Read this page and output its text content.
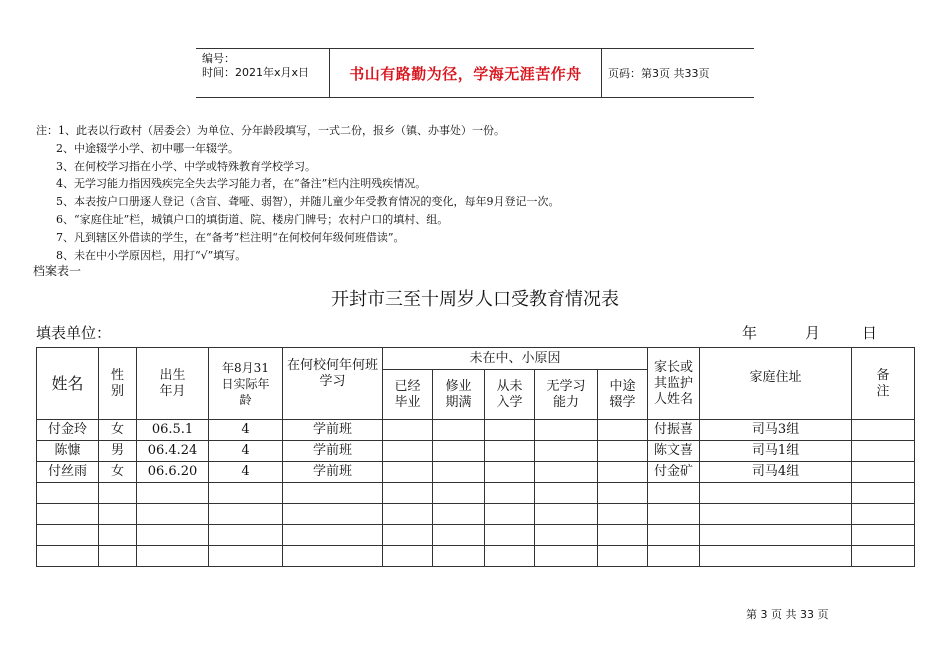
编号：
时间：2021年x月x日	书山有路勤为径，学海无涯苦作舟	页码：第3页 共33页
注：1、此表以行政村（居委会）为单位、分年龄段填写，一式二份，报乡（镇、办事处）一份。
2、中途辍学小学、初中哪一年辍学。
3、在何校学习指在小学、中学或特殊教育学校学习。
4、无学习能力指因残疾完全失去学习能力者，在“备注”栏内注明残疾情况。
5、本表按户口册逐人登记（含盲、聋哑、弱智），并随儿童少年受教育情况的变化，每年9月登记一次。
6、“家庭住址”栏，城镇户口的填街道、院、楼房门牌号；农村户口的填村、组。
7、凡到辖区外借读的学生，在“备考”栏注明“在何校何年级何班借读”。
8、未在中小学原因栏，用打“√”填写。
档案表一
开封市三至十周岁人口受教育情况表
填表单位：	年	月	日
姓名	性别	出生年月	年8月31日实际年龄	在何校何年何班学习	未在中、小原因					家长或其监护人姓名	家庭住址	备注

					已经毕业	修业期满	从未入学	无学习能力	中途辍学			

付金玲	女	06.5.1	4	学前班						付振喜	司马3组	
陈慷	男	06.4.24	4	学前班						陈文喜	司马1组	
付丝雨	女	06.6.20	4	学前班						付金矿	司马4组	

第 3 页 共 33 页
